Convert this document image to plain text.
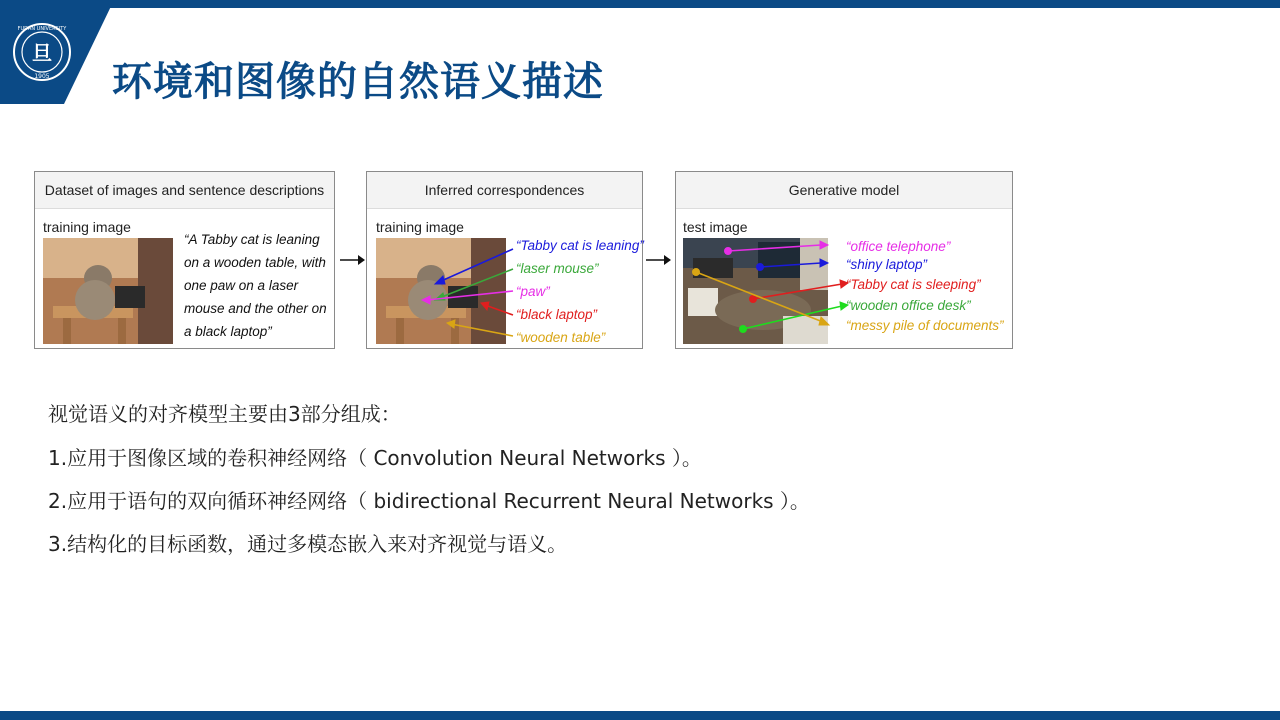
旦
FUDAN UNIVERSITY
1905 环境和图像的自然语义描述
Dataset of images and sentence descriptions
training image
“A Tabby cat is leaning on a wooden table, with one paw on a laser mouse and the other on a black laptop”
Inferred correspondences
training image
“Tabby cat is leaning”
“laser mouse”
“paw”
“black laptop”
“wooden table”
Generative model
test image
“office telephone”
“shiny laptop”
“Tabby cat is sleeping”
“wooden office desk”
“messy pile of documents”
视觉语义的对齐模型主要由3部分组成：
1.应用于图像区域的卷积神经网络（ Convolution Neural Networks ）。
2.应用于语句的双向循环神经网络（ bidirectional Recurrent Neural Networks ）。
3.结构化的目标函数，通过多模态嵌入来对齐视觉与语义。
